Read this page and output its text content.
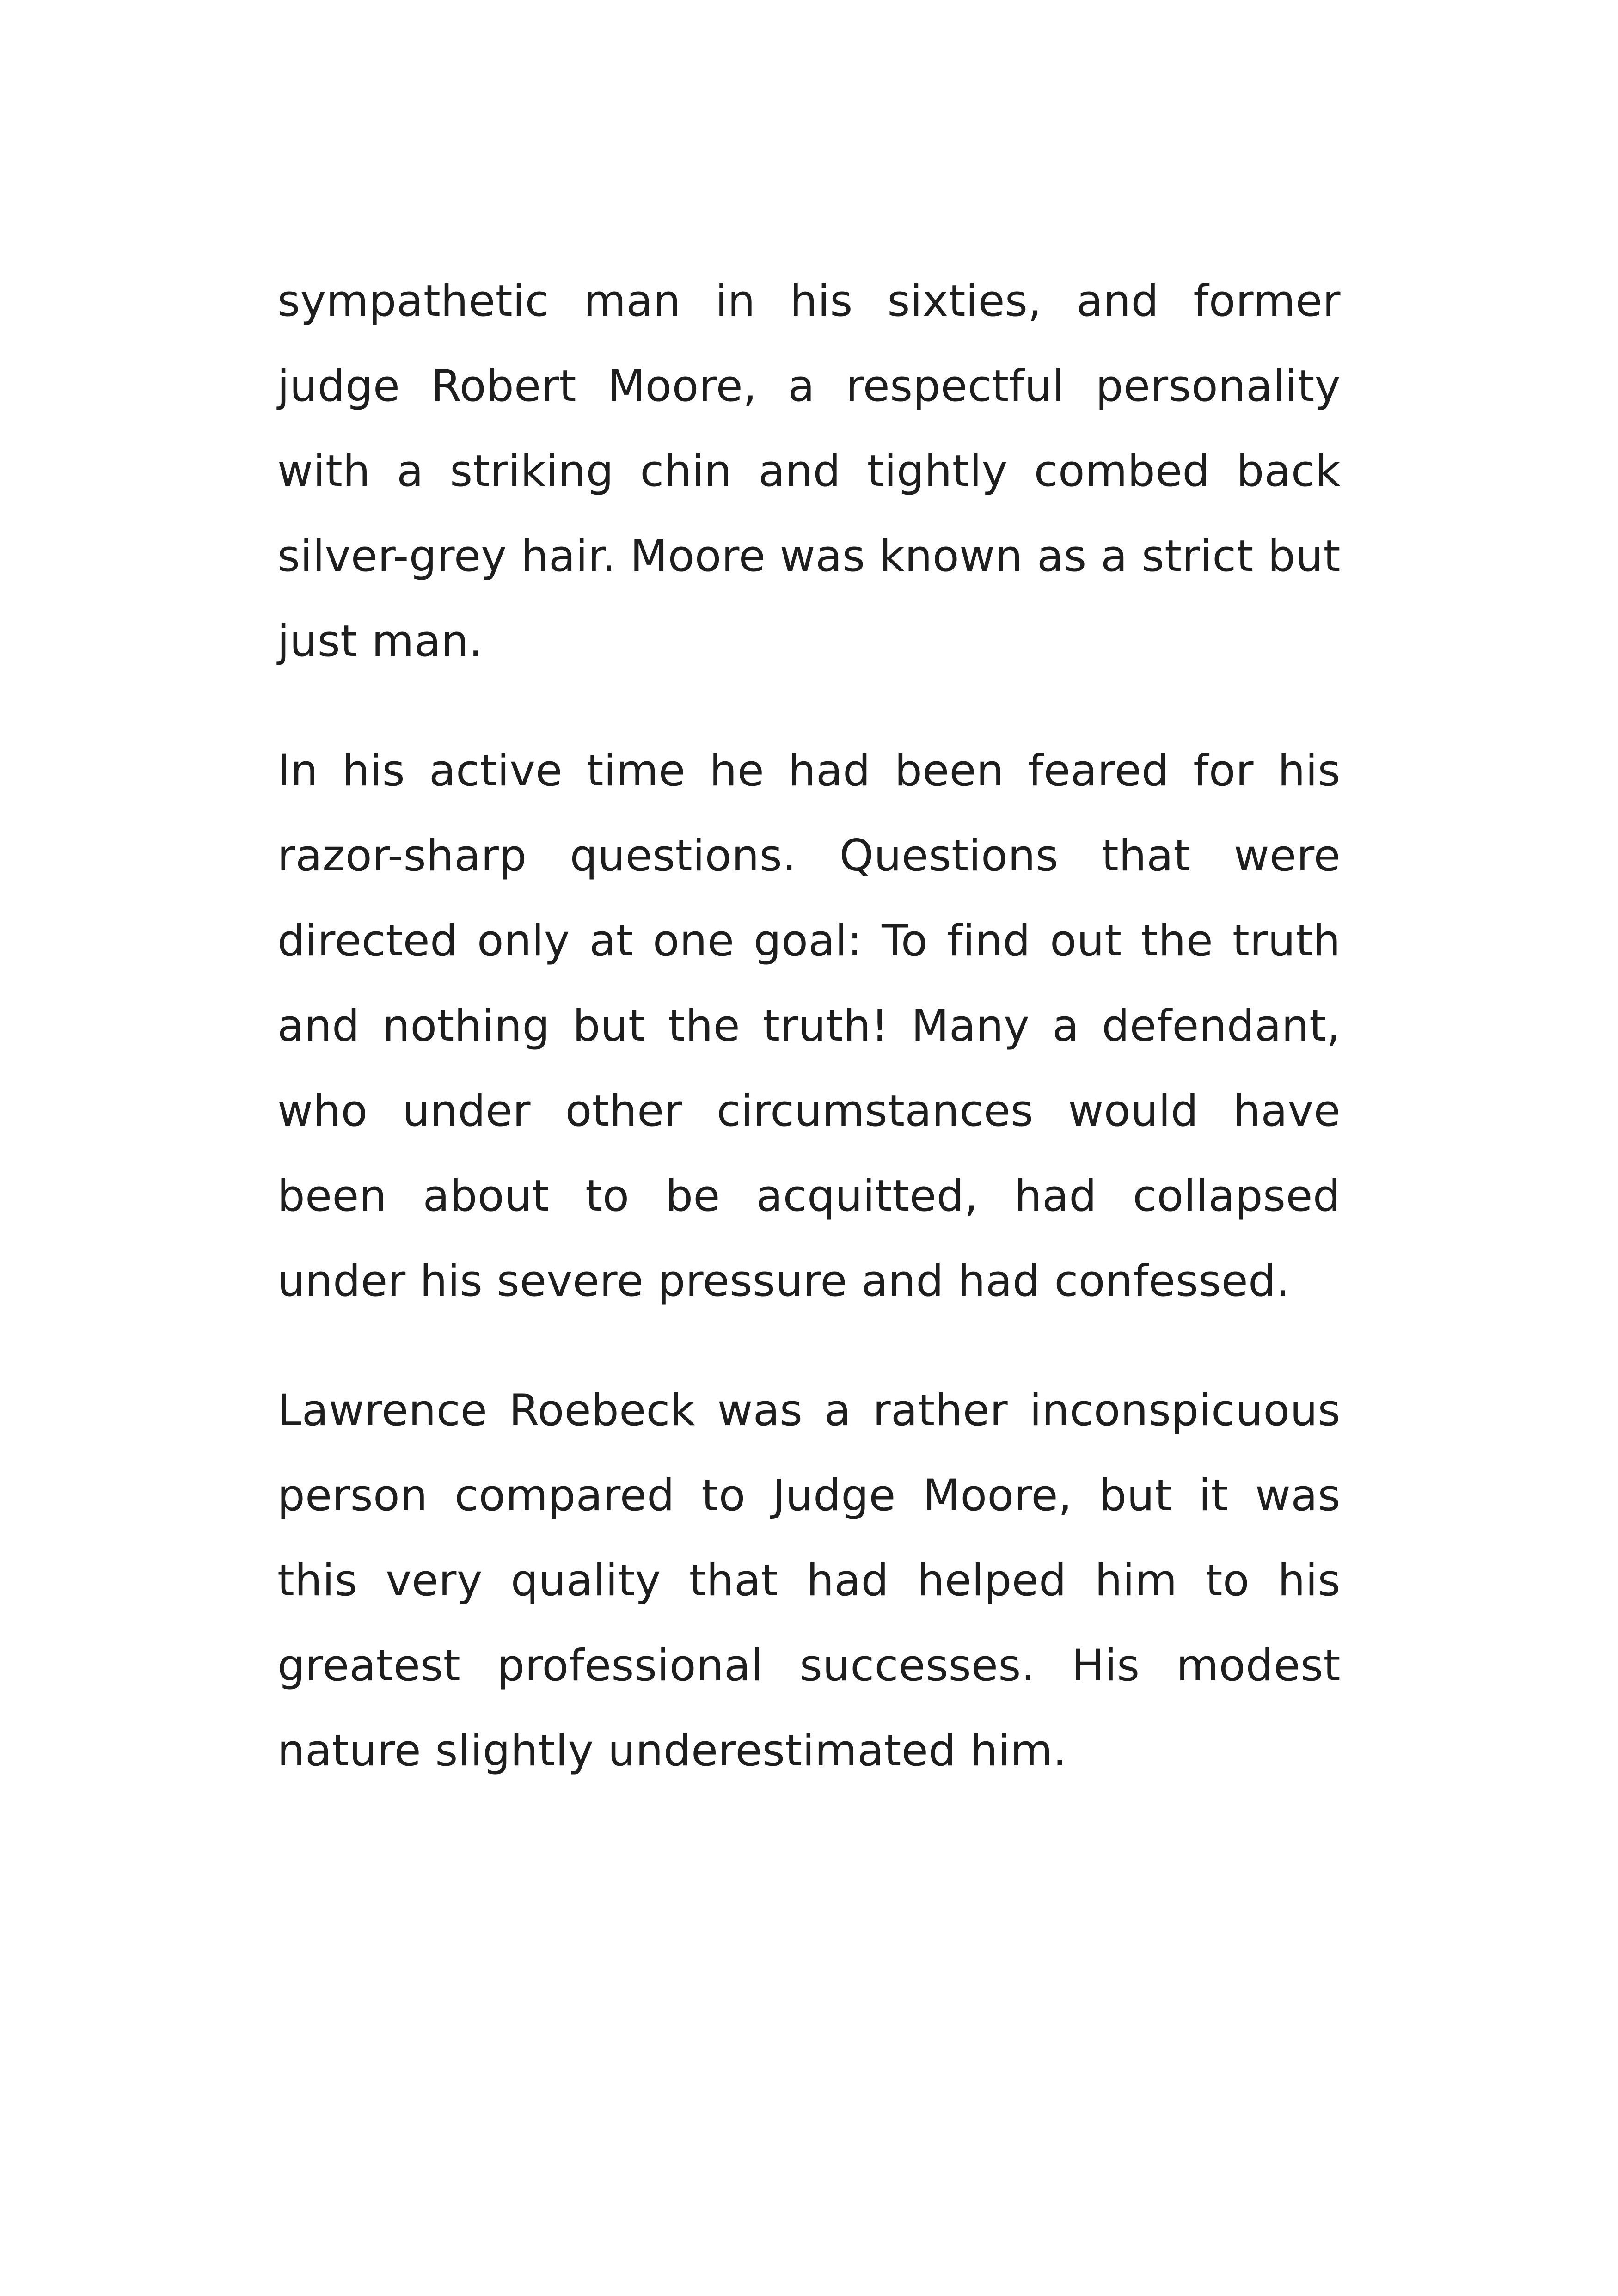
sympathetic man in his sixties, and former judge Robert Moore, a respectful personality with a striking chin and tightly combed back silver-grey hair. Moore was known as a strict but just man.

In his active time he had been feared for his razor-sharp questions. Questions that were directed only at one goal: To find out the truth and nothing but the truth! Many a defendant, who under other circumstances would have been about to be acquitted, had collapsed under his severe pressure and had confessed.

Lawrence Roebeck was a rather inconspicuous person compared to Judge Moore, but it was this very quality that had helped him to his greatest professional successes. His modest nature slightly underestimated him.
